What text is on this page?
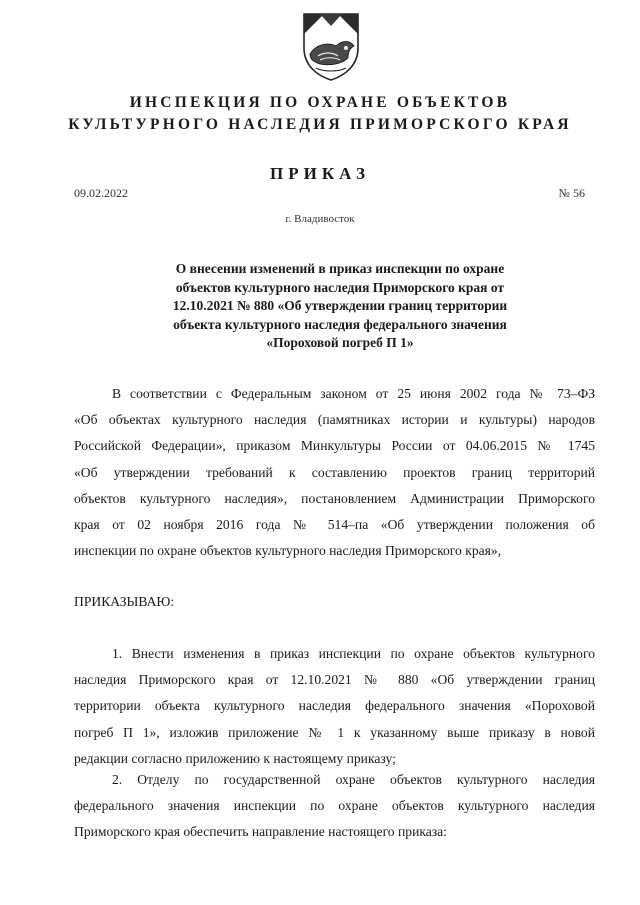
ИНСПЕКЦИЯ ПО ОХРАНЕ ОБЪЕКТОВ
КУЛЬТУРНОГО НАСЛЕДИЯ ПРИМОРСКОГО КРАЯ
ПРИКАЗ
09.02.2022	№ 56
г. Владивосток
О внесении изменений в приказ инспекции по охране
объектов культурного наследия Приморского края от
12.10.2021 № 880 «Об утверждении границ территории
объекта культурного наследия федерального значения
«Пороховой погреб П 1»
В соответствии с Федеральным законом от 25 июня 2002 года № 73–ФЗ
«Об объектах культурного наследия (памятниках истории и культуры) народов
Российской Федерации», приказом Минкультуры России от 04.06.2015 № 1745
«Об утверждении требований к составлению проектов границ территорий
объектов культурного наследия», постановлением Администрации Приморского
края от 02 ноября 2016 года № 514–па «Об утверждении положения об
инспекции по охране объектов культурного наследия Приморского края»,
ПРИКАЗЫВАЮ:
1. Внести изменения в приказ инспекции по охране объектов культурного
наследия Приморского края от 12.10.2021 № 880 «Об утверждении границ
территории объекта культурного наследия федерального значения «Пороховой
погреб П 1», изложив приложение № 1 к указанному выше приказу в новой
редакции согласно приложению к настоящему приказу;
2. Отделу по государственной охране объектов культурного наследия
федерального значения инспекции по охране объектов культурного наследия
Приморского края обеспечить направление настоящего приказа:
